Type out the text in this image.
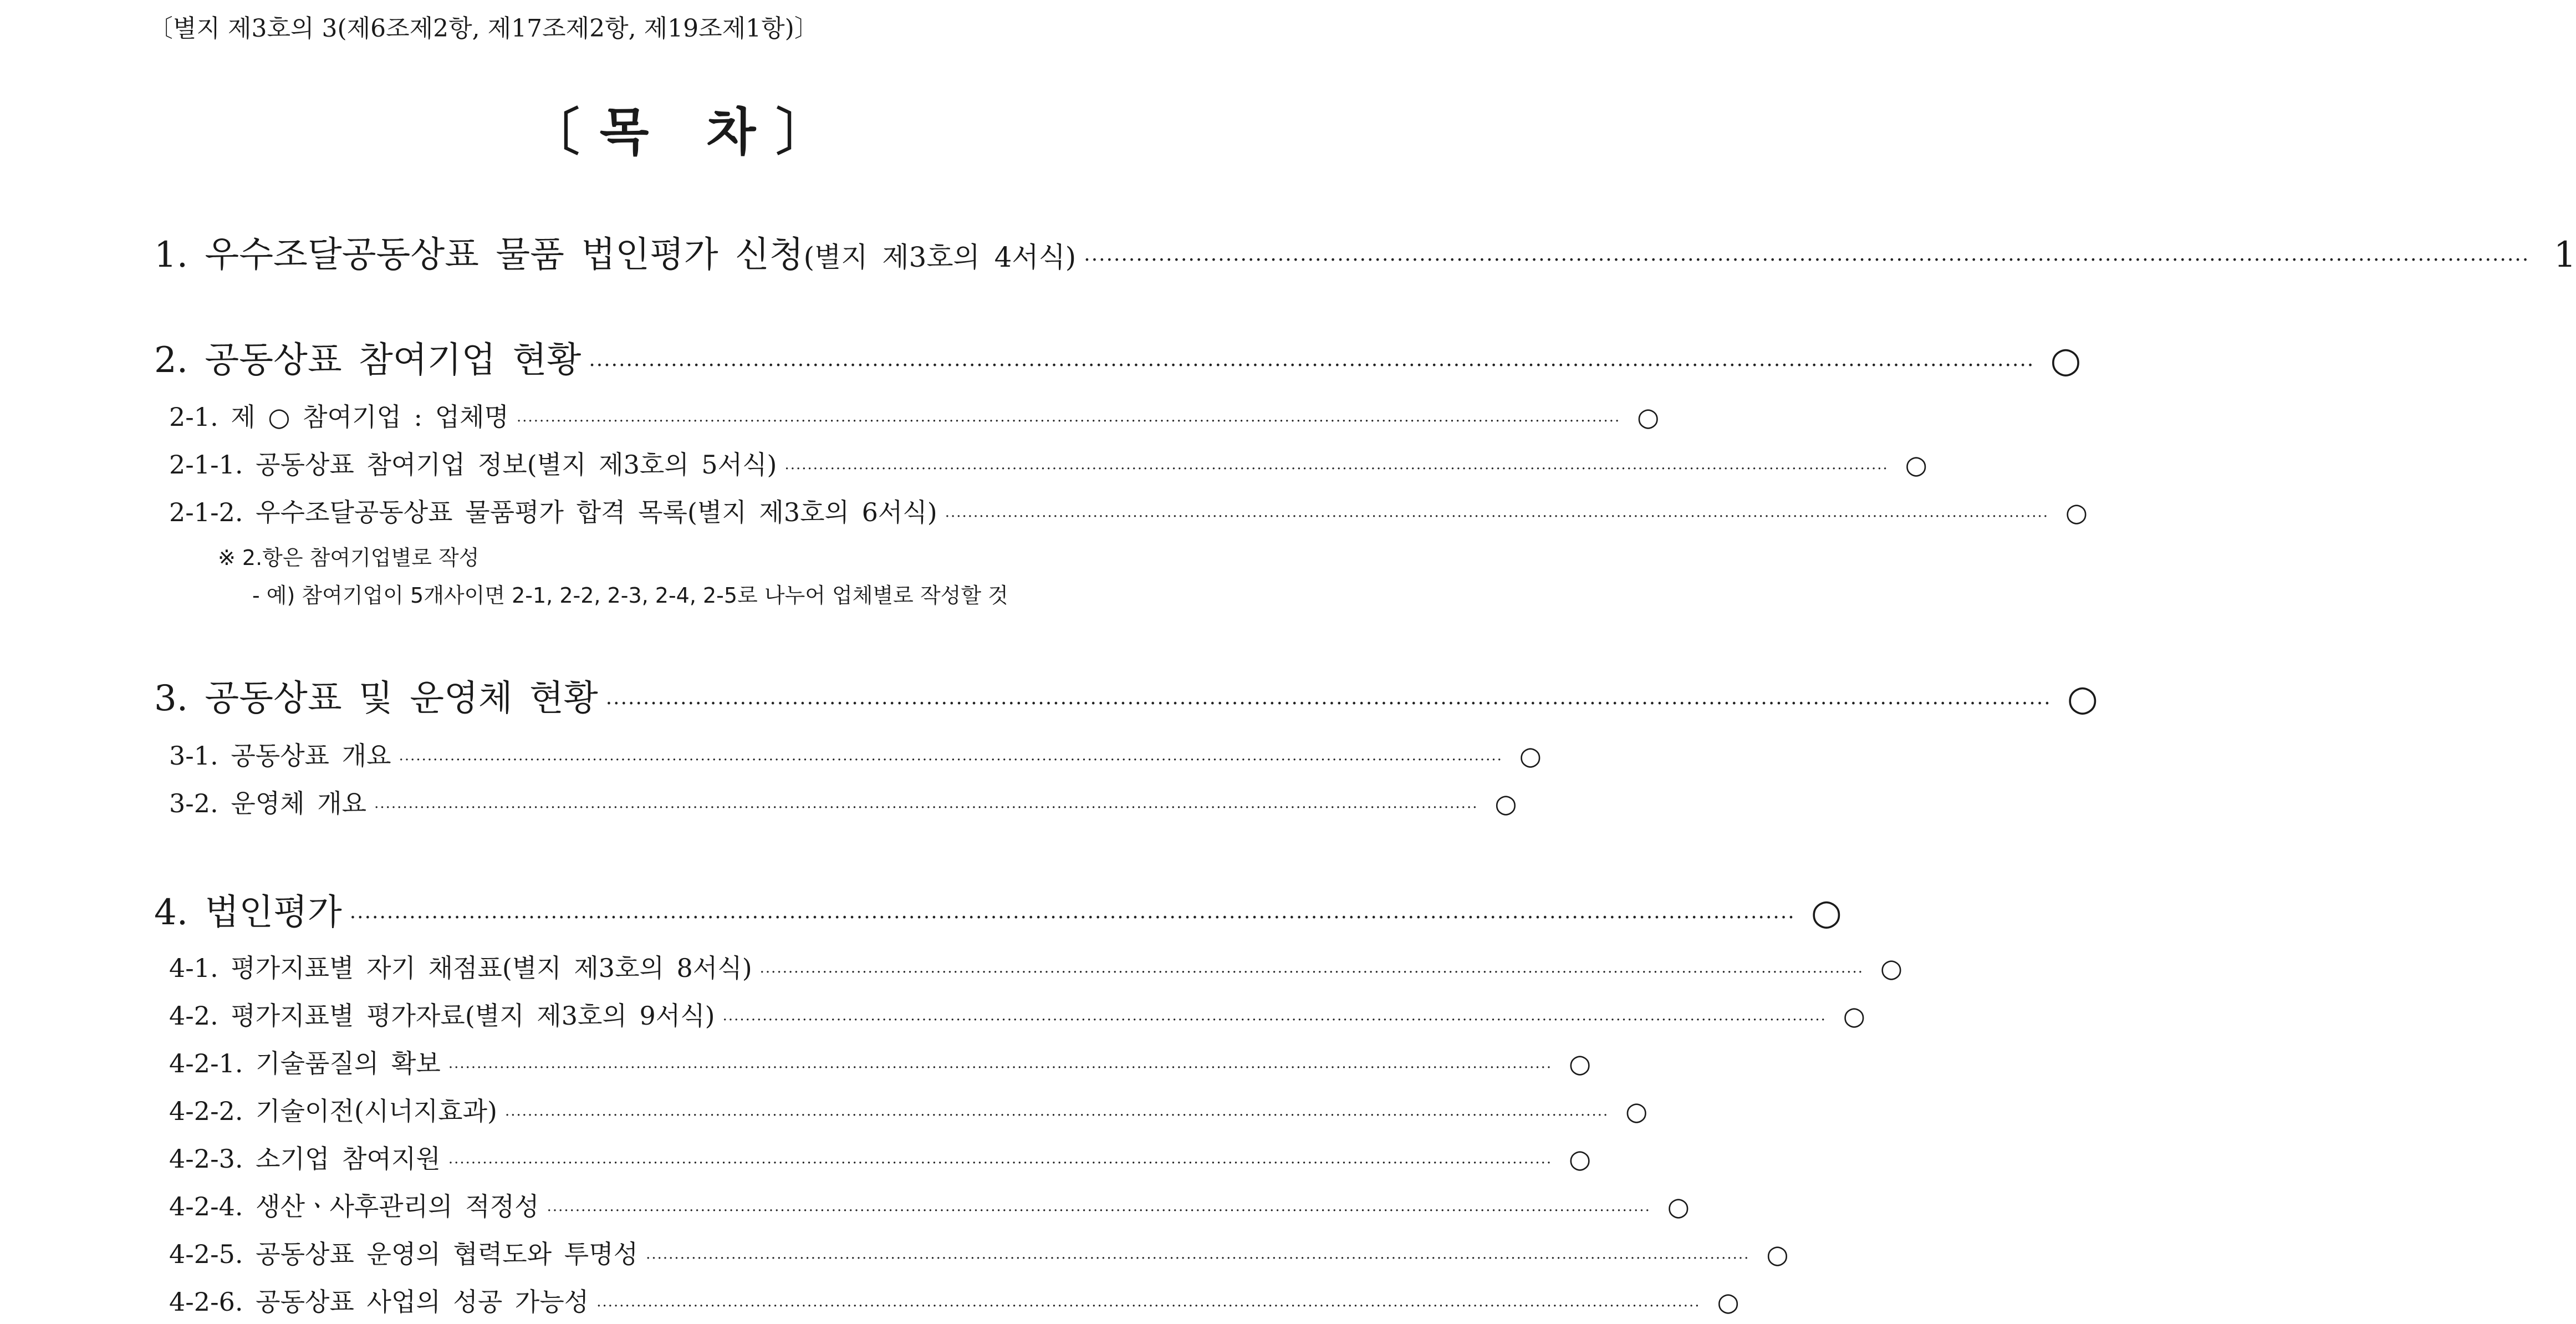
〔별지 제3호의 3(제6조제2항, 제17조제2항, 제19조제1항)〕
〔목 차〕
1. 우수조달공동상표 물품 법인평가 신청(별지 제3호의 4서식) ·································································································································································································· 1
2. 공동상표 참여기업 현황 ·································································································································································································· ○
2-1. 제 ○ 참여기업 : 업체명 ·································································································································································································· ○
2-1-1. 공동상표 참여기업 정보(별지 제3호의 5서식) ·································································································································································································· ○
2-1-2. 우수조달공동상표 물품평가 합격 목록(별지 제3호의 6서식) ·································································································································································································· ○
※ 2.항은 참여기업별로 작성
- 예) 참여기업이 5개사이면 2-1, 2-2, 2-3, 2-4, 2-5로 나누어 업체별로 작성할 것
3. 공동상표 및 운영체 현황 ·································································································································································································· ○
3-1. 공동상표 개요 ·································································································································································································· ○
3-2. 운영체 개요 ·································································································································································································· ○
4. 법인평가 ·································································································································································································· ○
4-1. 평가지표별 자기 채점표(별지 제3호의 8서식) ·································································································································································································· ○
4-2. 평가지표별 평가자료(별지 제3호의 9서식) ·································································································································································································· ○
4-2-1. 기술품질의 확보 ·································································································································································································· ○
4-2-2. 기술이전(시너지효과) ·································································································································································································· ○
4-2-3. 소기업 참여지원 ·································································································································································································· ○
4-2-4. 생산ㆍ사후관리의 적정성 ·································································································································································································· ○
4-2-5. 공동상표 운영의 협력도와 투명성 ·································································································································································································· ○
4-2-6. 공동상표 사업의 성공 가능성 ·································································································································································································· ○
